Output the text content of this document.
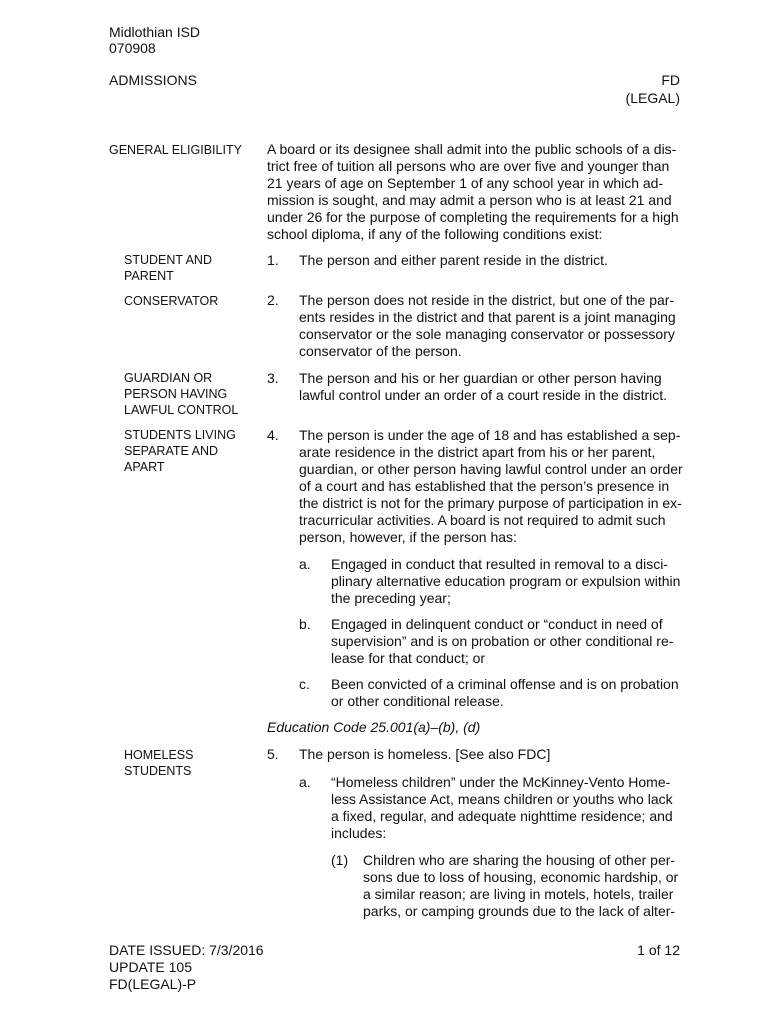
Midlothian ISD
070908
ADMISSIONS	FD
(LEGAL)
GENERAL ELIGIBILITY A board or its designee shall admit into the public schools of a dis-
trict free of tuition all persons who are over five and younger than
21 years of age on September 1 of any school year in which ad-
mission is sought, and may admit a person who is at least 21 and
under 26 for the purpose of completing the requirements for a high
school diploma, if any of the following conditions exist:
STUDENT AND
PARENT
1. The person and either parent reside in the district.
CONSERVATOR	2. The person does not reside in the district, but one of the par-
ents resides in the district and that parent is a joint managing
conservator or the sole managing conservator or possessory
conservator of the person.
GUARDIAN OR
PERSON HAVING
LAWFUL CONTROL
3. The person and his or her guardian or other person having
lawful control under an order of a court reside in the district.
STUDENTS LIVING
SEPARATE AND
APART
4. The person is under the age of 18 and has established a sep-
arate residence in the district apart from his or her parent,
guardian, or other person having lawful control under an order
of a court and has established that the person’s presence in
the district is not for the primary purpose of participation in ex-
tracurricular activities. A board is not required to admit such
person, however, if the person has:
a. Engaged in conduct that resulted in removal to a disci-
plinary alternative education program or expulsion within
the preceding year;
b. Engaged in delinquent conduct or “conduct in need of
supervision” and is on probation or other conditional re-
lease for that conduct; or
c. Been convicted of a criminal offense and is on probation
or other conditional release.
Education Code 25.001(a)–(b), (d)
HOMELESS
STUDENTS
5. The person is homeless. [See also FDC]
a. “Homeless children” under the McKinney-Vento Home-
less Assistance Act, means children or youths who lack
a fixed, regular, and adequate nighttime residence; and
includes:
(1) Children who are sharing the housing of other per-
sons due to loss of housing, economic hardship, or
a similar reason; are living in motels, hotels, trailer
parks, or camping grounds due to the lack of alter-
DATE ISSUED: 7/3/2016
UPDATE 105
FD(LEGAL)-P
1 of 12
